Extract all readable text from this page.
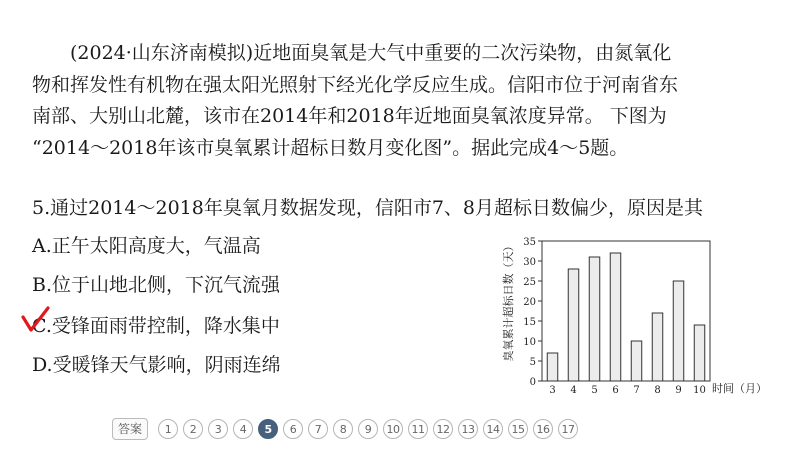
(2024·山东济南模拟)近地面臭氧是大气中重要的二次污染物，由氮氧化
物和挥发性有机物在强太阳光照射下经光化学反应生成。信阳市位于河南省东
南部、大别山北麓，该市在2014年和2018年近地面臭氧浓度异常。 下图为
“2014～2018年该市臭氧累计超标日数月变化图”。据此完成4～5题。
5.通过2014～2018年臭氧月数据发现，信阳市7、8月超标日数偏少，原因是其
A.正午太阳高度大，气温高
B.位于山地北侧，下沉气流强
C.受锋面雨带控制，降水集中
D.受暖锋天气影响，阴雨连绵
臭氧累计超标日数（天）
0
5
10
15
20
25
30
35
3 4 5 6 7 8 9 10 时间（月）
答案	1	2	3	4	5	6	7	8	9	10	11	12	13	14	15	16	17
